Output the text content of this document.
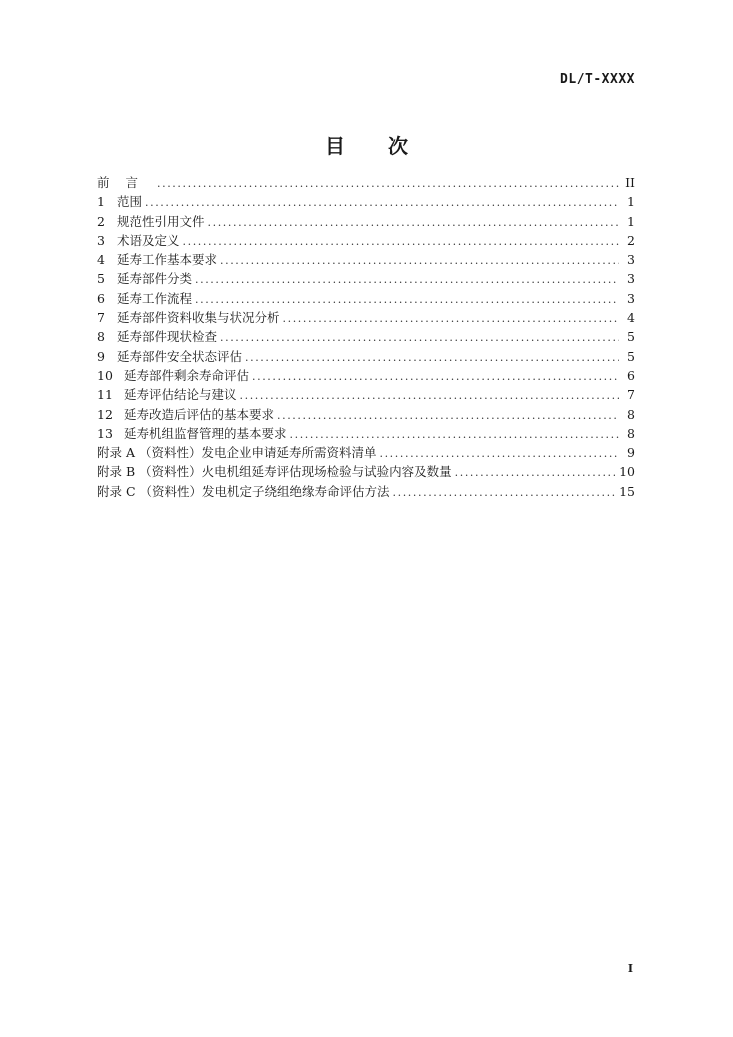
DL/T-XXXX
目 次
前言 .....	II
1 范围 .....	1
2 规范性引用文件 .....	1
3 术语及定义 .....	2
4 延寿工作基本要求 .....	3
5 延寿部件分类 .....	3
6 延寿工作流程 .....	3
7 延寿部件资料收集与状况分析 .....	4
8 延寿部件现状检查 .....	5
9 延寿部件安全状态评估 .....	5
10 延寿部件剩余寿命评估 .....	6
11 延寿评估结论与建议 .....	7
12 延寿改造后评估的基本要求 .....	8
13 延寿机组监督管理的基本要求 .....	8
附录 A （资料性）发电企业申请延寿所需资料清单 .....	9
附录 B （资料性）火电机组延寿评估现场检验与试验内容及数量 .....	10
附录 C （资料性）发电机定子绕组绝缘寿命评估方法 .....	15
I
